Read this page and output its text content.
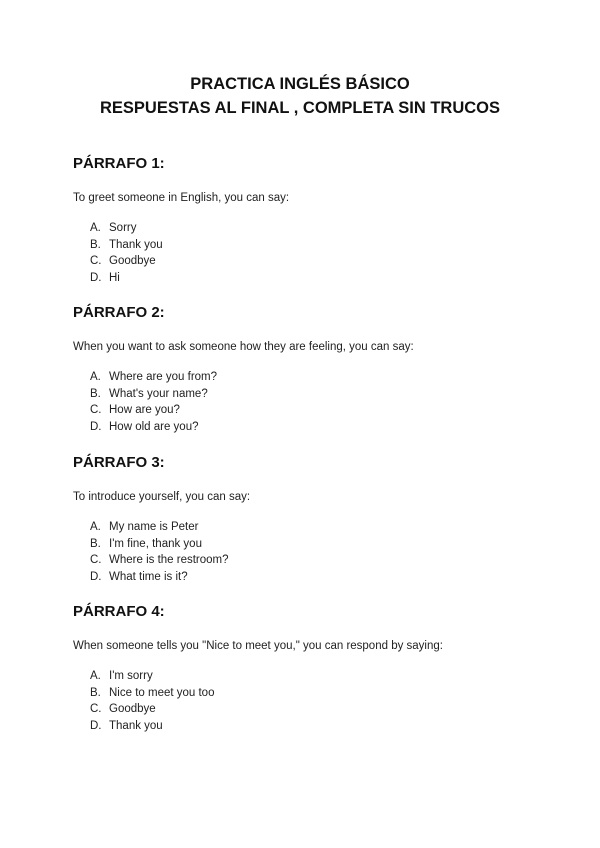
PRACTICA INGLÉS BÁSICO
RESPUESTAS AL FINAL , COMPLETA SIN TRUCOS
PÁRRAFO 1:
To greet someone in English, you can say:
A. Sorry
B. Thank you
C. Goodbye
D. Hi
PÁRRAFO 2:
When you want to ask someone how they are feeling, you can say:
A. Where are you from?
B. What's your name?
C. How are you?
D. How old are you?
PÁRRAFO 3:
To introduce yourself, you can say:
A. My name is Peter
B. I'm fine, thank you
C. Where is the restroom?
D. What time is it?
PÁRRAFO 4:
When someone tells you "Nice to meet you," you can respond by saying:
A. I'm sorry
B. Nice to meet you too
C. Goodbye
D. Thank you
